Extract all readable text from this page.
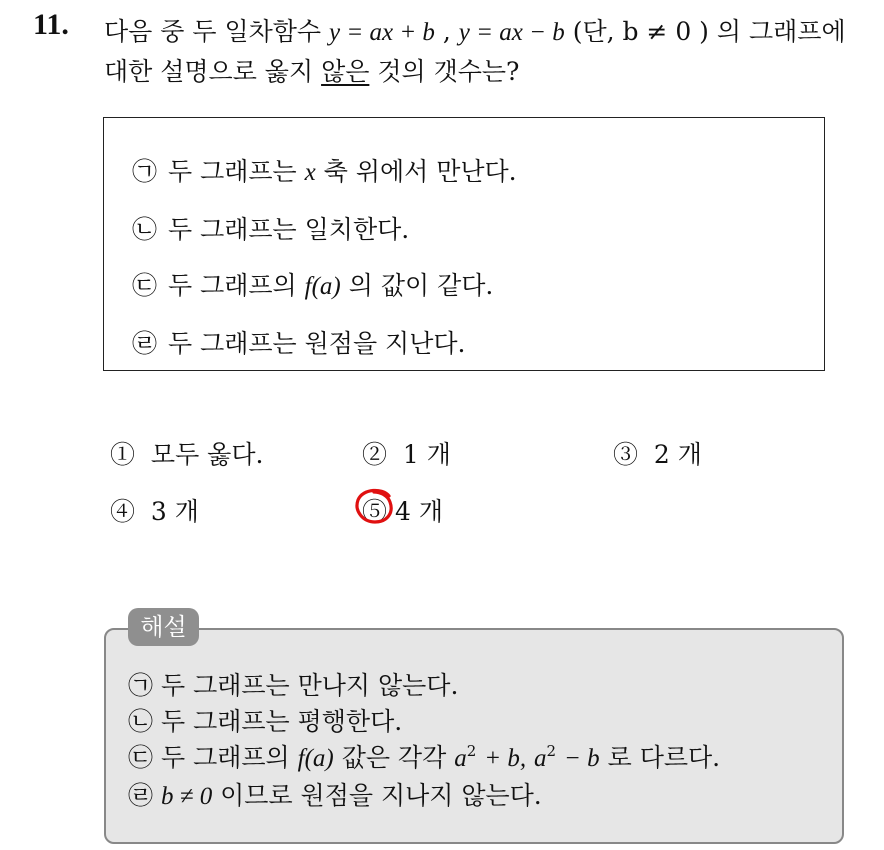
11. 다음 중 두 일차함수 y = ax + b , y = ax − b (단, b ≠ 0 ) 의 그래프에
대한 설명으로 옳지 않은 것의 갯수는?
㉠ 두 그래프는 x 축 위에서 만난다.
㉡ 두 그래프는 일치한다.
㉢ 두 그래프의 f(a) 의 값이 같다.
㉣ 두 그래프는 원점을 지난다.
① 모두 옳다.	② 1 개	③ 2 개
④ 3 개	⑤ 4 개
㉠ 두 그래프는 만나지 않는다.
㉡ 두 그래프는 평행한다.
㉢ 두 그래프의 f(a) 값은 각각 $a^2 + b$, $a^2 - b$ 로 다르다.
㉣ b ≠ 0 이므로 원점을 지나지 않는다.
해설
